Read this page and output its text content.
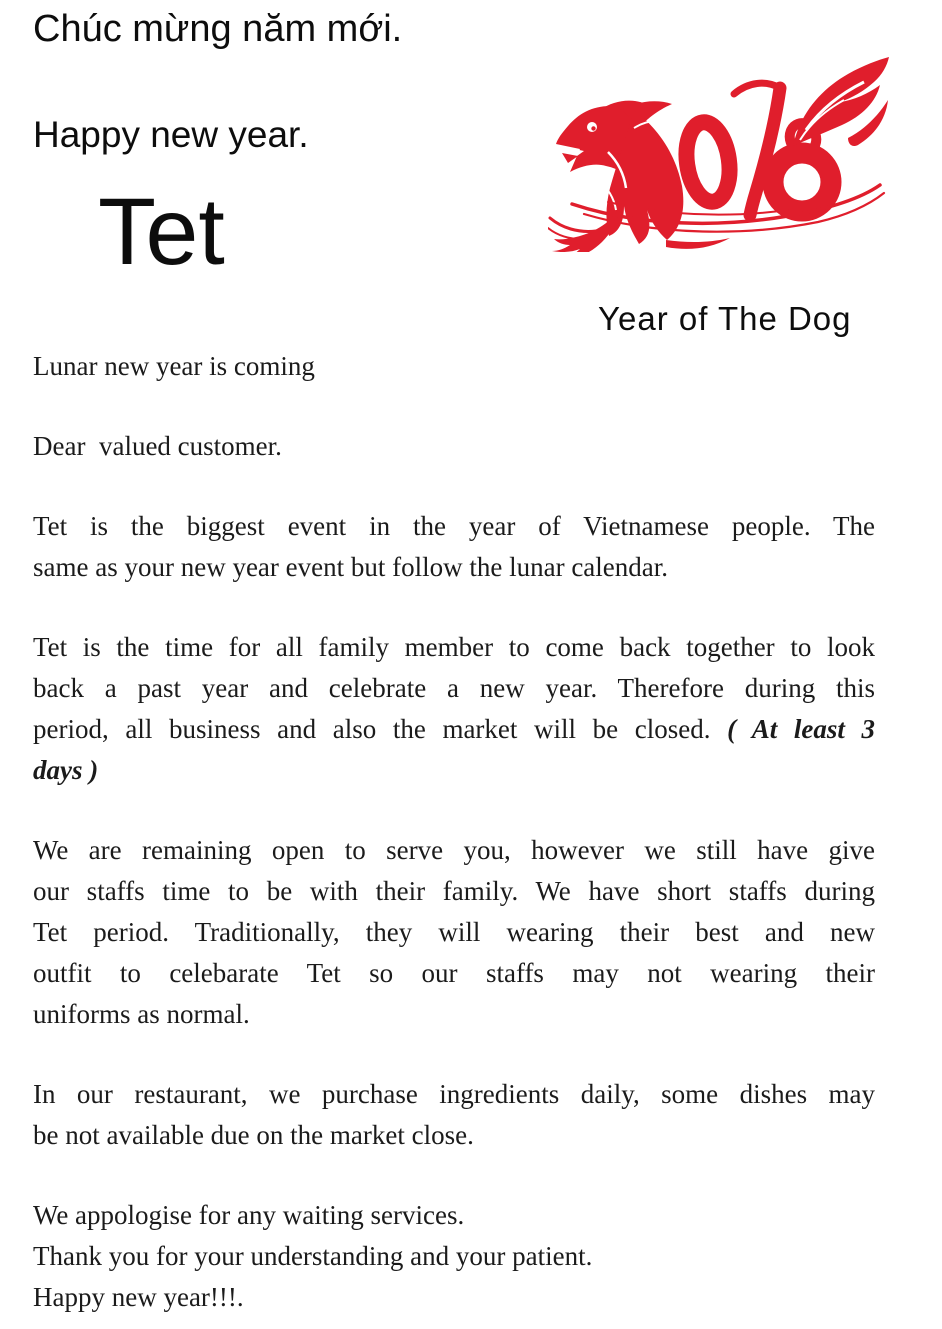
Chúc mừng năm mới.
Happy new year.
Tet
Year of The Dog
Lunar new year is coming
Dear  valued customer.
Tet is the biggest event in the year of Vietnamese people. The
same as your new year event but follow the lunar calendar.
Tet is the time for all family member to come back together to look
back a past year and celebrate a new year. Therefore during this
period, all business and also the market will be closed. ( At least 3
days )
We are remaining open to serve you, however we still have give
our staffs time to be with their family. We have short staffs during
Tet period. Traditionally, they will wearing their best and new
outfit to celebarate Tet so our staffs may not wearing their
uniforms as normal.
In our restaurant, we purchase ingredients daily, some dishes may
be not available due on the market close.
We appologise for any waiting services.
Thank you for your understanding and your patient.
Happy new year!!!.
